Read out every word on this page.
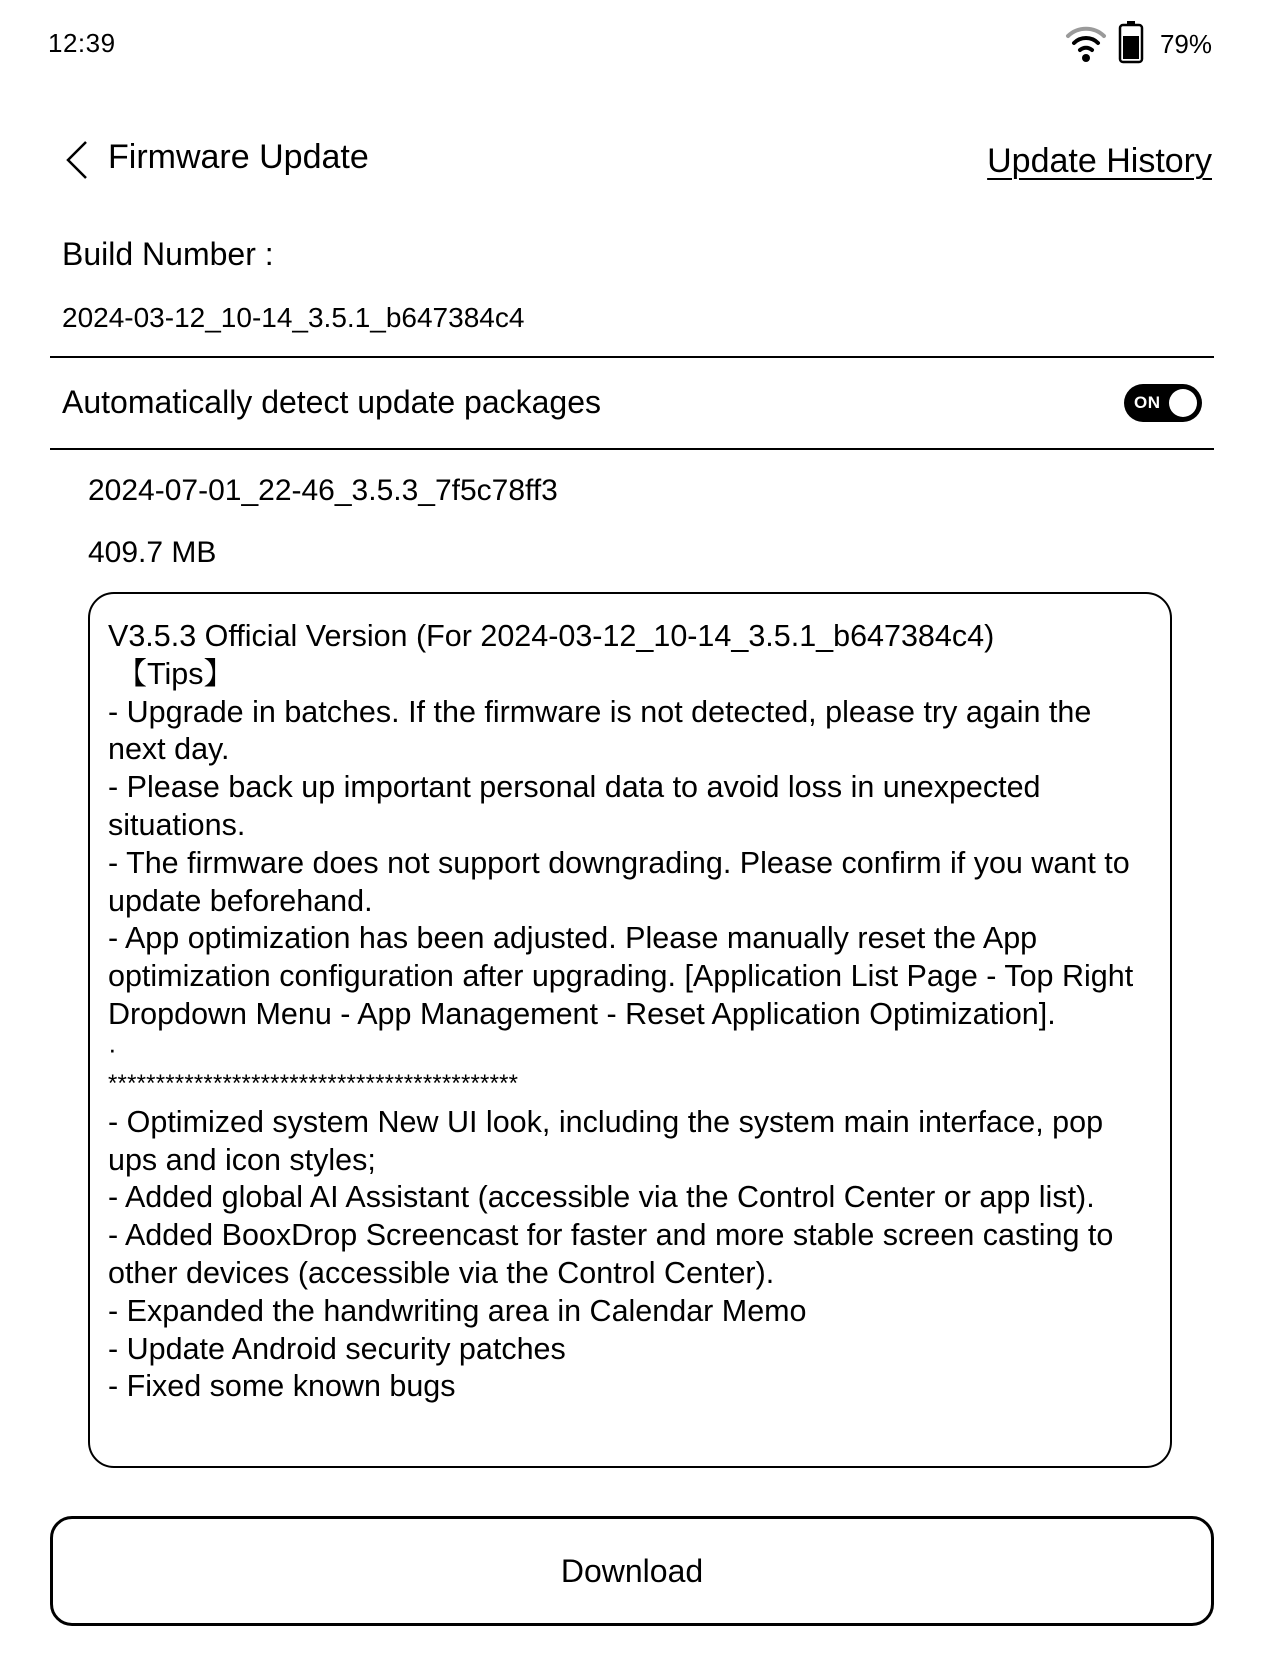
12:39	79%
Firmware Update	Update History
Build Number :
2024-03-12_10-14_3.5.1_b647384c4
Automatically detect update packages	ON
2024-07-01_22-46_3.5.3_7f5c78ff3
409.7 MB
V3.5.3 Official Version (For 2024-03-12_10-14_3.5.1_b647384c4)
【Tips】
- Upgrade in batches. If the firmware is not detected, please try again the next day.
- Please back up important personal data to avoid loss in unexpected situations.
- The firmware does not support downgrading. Please confirm if you want to update beforehand.
- App optimization has been adjusted. Please manually reset the App optimization configuration after upgrading. [Application List Page - Top Right Dropdown Menu - App Management - Reset Application Optimization].
·
*******************************************
- Optimized system New UI look, including the system main interface, pop ups and icon styles;
- Added global AI Assistant (accessible via the Control Center or app list).
- Added BooxDrop Screencast for faster and more stable screen casting to other devices (accessible via the Control Center).
- Expanded the handwriting area in Calendar Memo
- Update Android security patches
- Fixed some known bugs
Download
